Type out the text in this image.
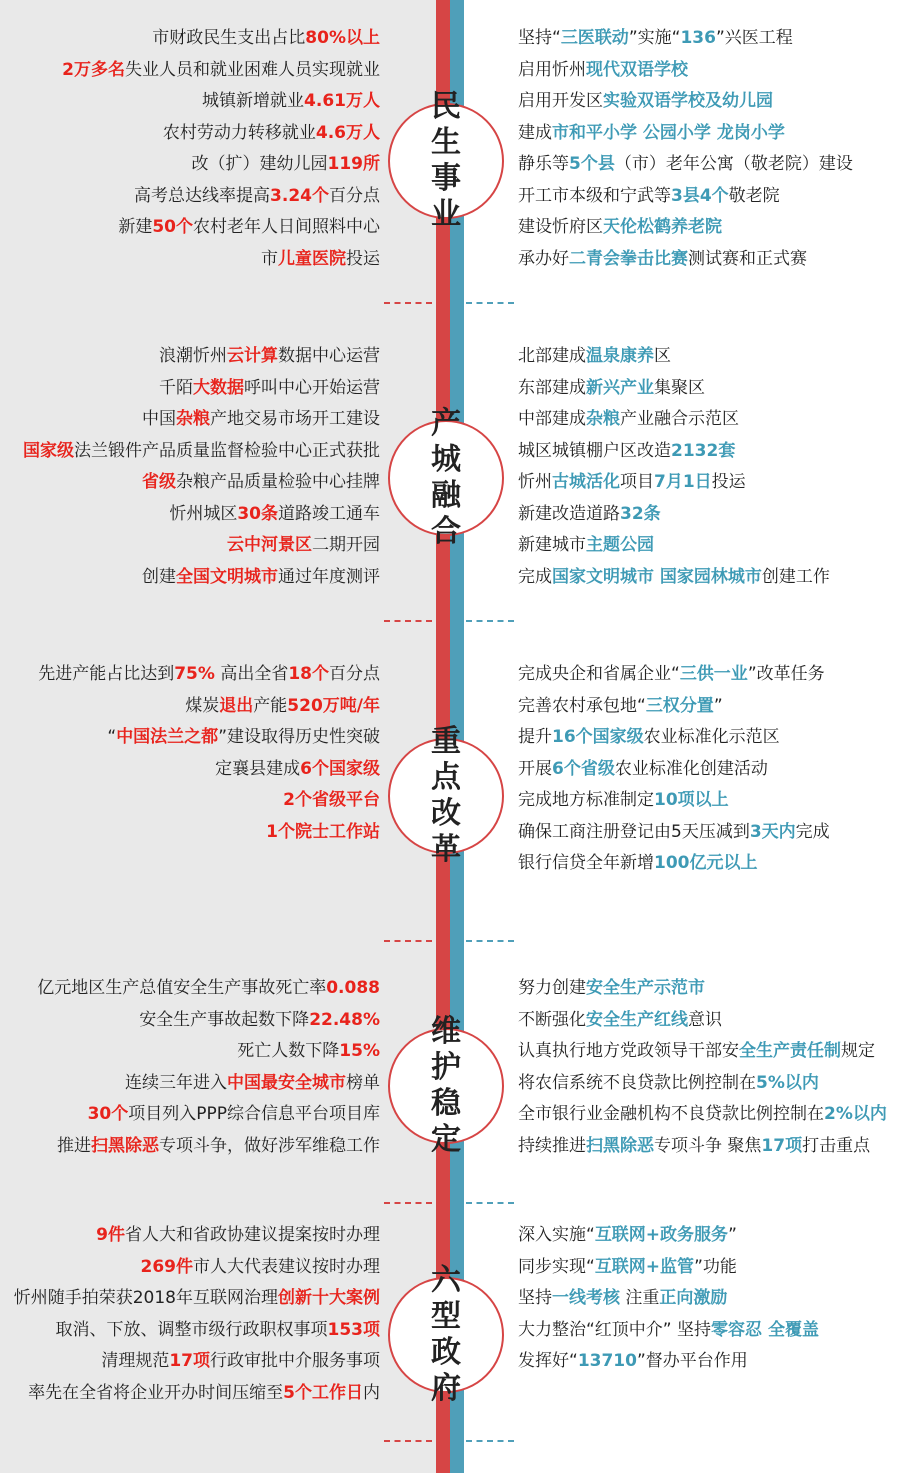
市财政民生支出占比80%以上
2万多名失业人员和就业困难人员实现就业
城镇新增就业4.61万人
农村劳动力转移就业4.6万人
改（扩）建幼儿园119所
高考总达线率提高3.24个百分点
新建50个农村老年人日间照料中心
市儿童医院投运
坚持“三医联动”实施“136”兴医工程
启用忻州现代双语学校
启用开发区实验双语学校及幼儿园
建成市和平小学 公园小学 龙岗小学
静乐等5个县（市）老年公寓（敬老院）建设
开工市本级和宁武等3县4个敬老院
建设忻府区天伦松鹤养老院
承办好二青会拳击比赛测试赛和正式赛
民生事业
浪潮忻州云计算数据中心运营
千陌大数据呼叫中心开始运营
中国杂粮产地交易市场开工建设
国家级法兰锻件产品质量监督检验中心正式获批
省级杂粮产品质量检验中心挂牌
忻州城区30条道路竣工通车
云中河景区二期开园
创建全国文明城市通过年度测评
北部建成温泉康养区
东部建成新兴产业集聚区
中部建成杂粮产业融合示范区
城区城镇棚户区改造2132套
忻州古城活化项目7月1日投运
新建改造道路32条
新建城市主题公园
完成国家文明城市 国家园林城市创建工作
产城融合
先进产能占比达到75% 高出全省18个百分点
煤炭退出产能520万吨/年
“中国法兰之都”建设取得历史性突破
定襄县建成6个国家级
2个省级平台
1个院士工作站
完成央企和省属企业“三供一业”改革任务
完善农村承包地“三权分置”
提升16个国家级农业标准化示范区
开展6个省级农业标准化创建活动
完成地方标准制定10项以上
确保工商注册登记由5天压减到3天内完成
银行信贷全年新增100亿元以上
重点改革
亿元地区生产总值安全生产事故死亡率0.088
安全生产事故起数下降22.48%
死亡人数下降15%
连续三年进入中国最安全城市榜单
30个项目列入PPP综合信息平台项目库
推进扫黑除恶专项斗争，做好涉军维稳工作
努力创建安全生产示范市
不断强化安全生产红线意识
认真执行地方党政领导干部安全生产责任制规定
将农信系统不良贷款比例控制在5%以内
全市银行业金融机构不良贷款比例控制在2%以内
持续推进扫黑除恶专项斗争 聚焦17项打击重点
维护稳定
9件省人大和省政协建议提案按时办理
269件市人大代表建议按时办理
忻州随手拍荣获2018年互联网治理创新十大案例
取消、下放、调整市级行政职权事项153项
清理规范17项行政审批中介服务事项
率先在全省将企业开办时间压缩至5个工作日内
深入实施“互联网+政务服务”
同步实现“互联网+监管”功能
坚持一线考核 注重正向激励
大力整治“红顶中介” 坚持零容忍 全覆盖
发挥好“13710”督办平台作用
六型政府
